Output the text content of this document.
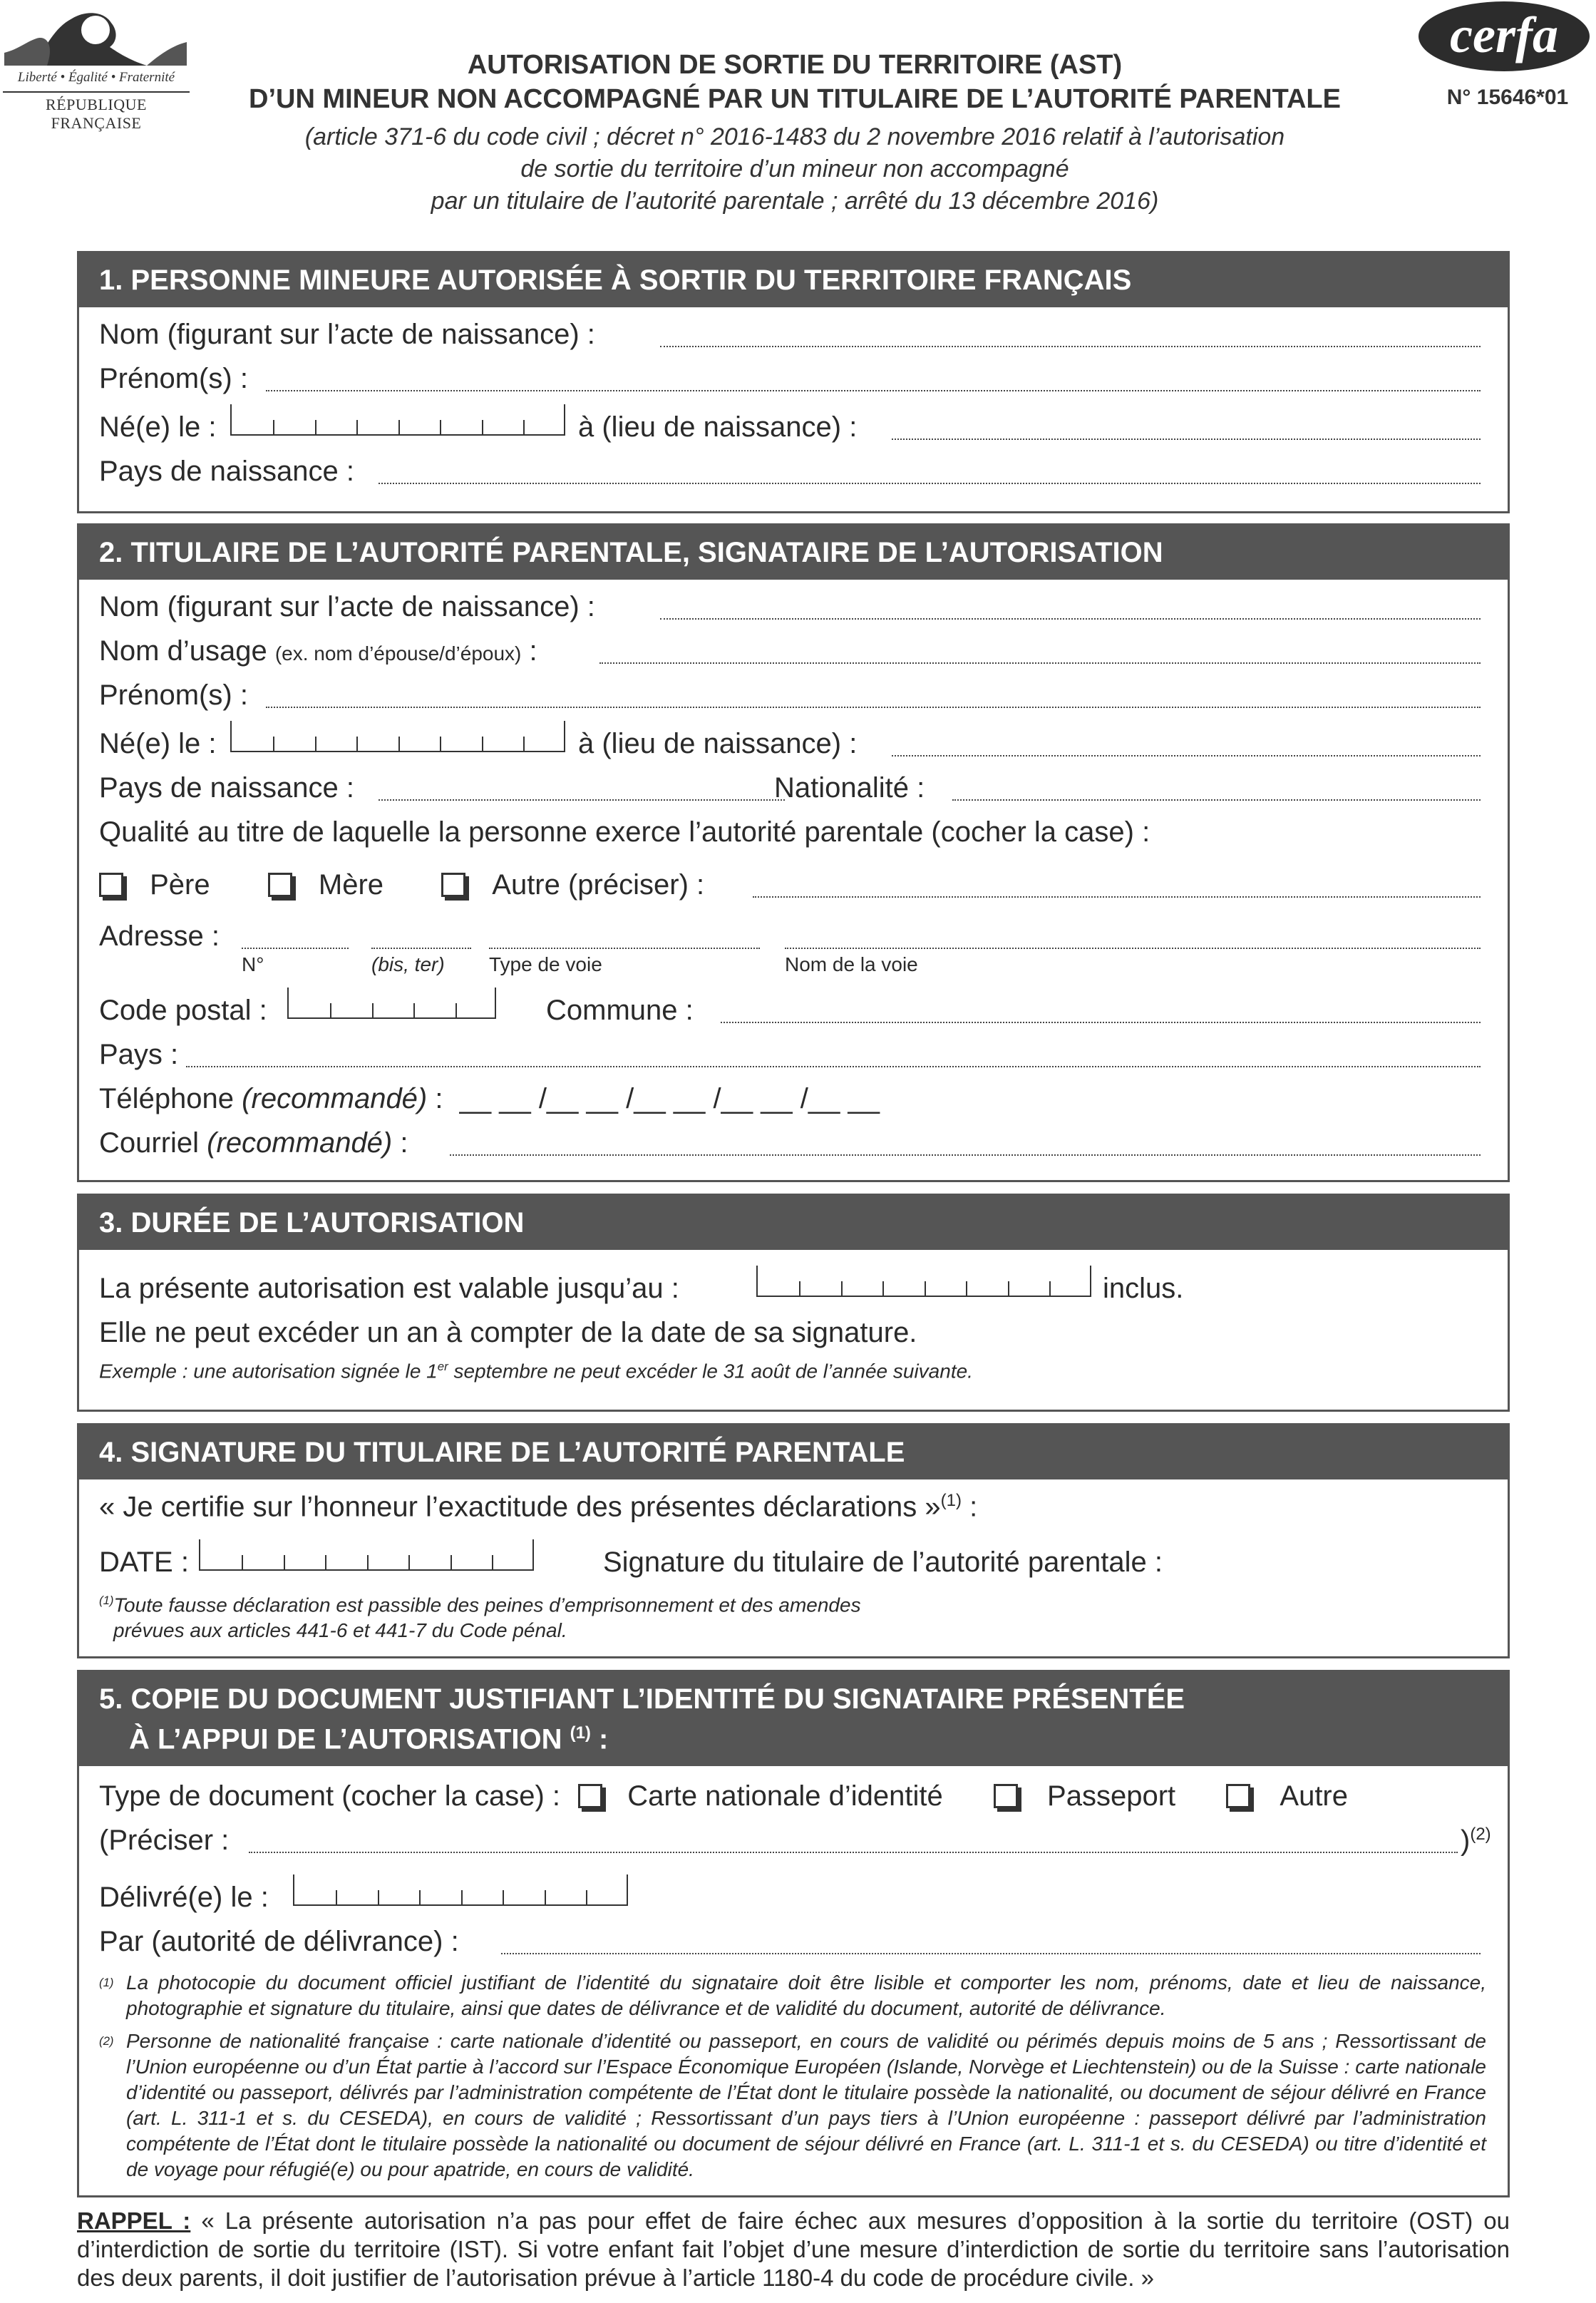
Liberté • Égalité • Fraternité
RÉPUBLIQUE FRANÇAISE
AUTORISATION DE SORTIE DU TERRITOIRE (AST)
D’UN MINEUR NON ACCOMPAGNÉ PAR UN TITULAIRE DE L’AUTORITÉ PARENTALE
(article 371-6 du code civil ; décret n° 2016-1483 du 2 novembre 2016 relatif à l’autorisation
de sortie du territoire d’un mineur non accompagné
par un titulaire de l’autorité parentale ; arrêté du 13 décembre 2016)
cerfa
N° 15646*01
1. PERSONNE MINEURE AUTORISÉE À SORTIR DU TERRITOIRE FRANÇAIS
Nom (figurant sur l’acte de naissance) :
Prénom(s) :
Né(e) le :	à (lieu de naissance) :
Pays de naissance :
2. TITULAIRE DE L’AUTORITÉ PARENTALE, SIGNATAIRE DE L’AUTORISATION
Nom (figurant sur l’acte de naissance) :
Nom d’usage (ex. nom d’épouse/d’époux) :
Prénom(s) :
Né(e) le :	à (lieu de naissance) :
Pays de naissance :	Nationalité :
Qualité au titre de laquelle la personne exerce l’autorité parentale (cocher la case) :
Père	Mère	Autre (préciser) :
Adresse :
N°	(bis, ter) Type de voie	Nom de la voie
Code postal :	Commune :
Pays :
Téléphone (recommandé) : __ __ /__ __ /__ __ /__ __ /__ __
Courriel (recommandé) :
3. DURÉE DE L’AUTORISATION
La présente autorisation est valable jusqu’au :	inclus.
Elle ne peut excéder un an à compter de la date de sa signature.
Exemple : une autorisation signée le 1er septembre ne peut excéder le 31 août de l’année suivante.
4. SIGNATURE DU TITULAIRE DE L’AUTORITÉ PARENTALE
« Je certifie sur l’honneur l’exactitude des présentes déclarations »$^{(1)}$ :
DATE :	Signature du titulaire de l’autorité parentale :
$^{(1)}$Toute fausse déclaration est passible des peines d’emprisonnement et des amendes
prévues aux articles 441-6 et 441-7 du Code pénal.
5. COPIE DU DOCUMENT JUSTIFIANT L’IDENTITÉ DU SIGNATAIRE PRÉSENTÉE
À L’APPUI DE L’AUTORISATION $^{(1)}$ :
Type de document (cocher la case) : Carte nationale d’identité	Passeport	Autre
(Préciser :	)$^{(2)}$
Délivré(e) le :
Par (autorité de délivrance) :
(1) La photocopie du document officiel justifiant de l’identité du signataire doit être lisible et comporter les nom, prénoms, date et lieu de naissance, photographie et signature du titulaire, ainsi que dates de délivrance et de validité du document, autorité de délivrance.
(2) Personne de nationalité française : carte nationale d’identité ou passeport, en cours de validité ou périmés depuis moins de 5 ans ; Ressortissant de l’Union européenne ou d’un État partie à l’accord sur l’Espace Économique Européen (Islande, Norvège et Liechtenstein) ou de la Suisse : carte nationale d’identité ou passeport, délivrés par l’administration compétente de l’État dont le titulaire possède la nationalité, ou document de séjour délivré en France (art. L. 311-1 et s. du CESEDA), en cours de validité ; Ressortissant d’un pays tiers à l’Union européenne : passeport délivré par l’administration compétente de l’État dont le titulaire possède la nationalité ou document de séjour délivré en France (art. L. 311-1 et s. du CESEDA) ou titre d’identité et de voyage pour réfugié(e) ou pour apatride, en cours de validité.
RAPPEL : « La présente autorisation n’a pas pour effet de faire échec aux mesures d’opposition à la sortie du territoire (OST) ou d’interdiction de sortie du territoire (IST). Si votre enfant fait l’objet d’une mesure d’interdiction de sortie du territoire sans l’autorisation des deux parents, il doit justifier de l’autorisation prévue à l’article 1180-4 du code de procédure civile. »
